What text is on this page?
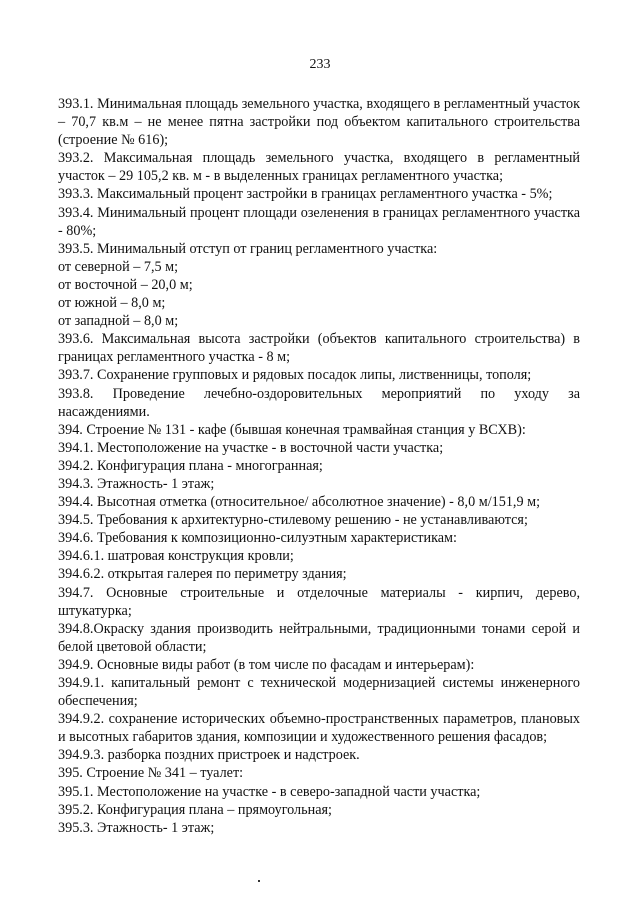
233

393.1. Минимальная площадь земельного участка, входящего в регламентный участок – 70,7 кв.м – не менее пятна застройки под объектом капитального строительства (строение № 616);

393.2. Максимальная площадь земельного участка, входящего в регламентный участок – 29 105,2 кв. м - в выделенных границах регламентного участка;

393.3. Максимальный процент застройки в границах регламентного участка - 5%;

393.4. Минимальный процент площади озеленения в границах регламентного участка - 80%;

393.5. Минимальный отступ от границ регламентного участка:

от северной – 7,5 м;

от восточной – 20,0 м;

от южной – 8,0 м;

от западной – 8,0 м;

393.6. Максимальная высота застройки (объектов капитального строительства) в границах регламентного участка - 8 м;

393.7. Сохранение групповых и рядовых посадок липы, лиственницы, тополя;

393.8. Проведение лечебно-оздоровительных мероприятий по уходу за насаждениями.

394. Строение № 131 - кафе (бывшая конечная трамвайная станция у ВСХВ):

394.1. Местоположение на участке - в восточной части участка;

394.2. Конфигурация плана - многогранная;

394.3. Этажность- 1 этаж;

394.4. Высотная отметка (относительное/ абсолютное значение) - 8,0 м/151,9 м;

394.5. Требования к архитектурно-стилевому решению - не устанавливаются;

394.6. Требования к композиционно-силуэтным характеристикам:

394.6.1. шатровая конструкция кровли;

394.6.2. открытая галерея по периметру здания;

394.7. Основные строительные и отделочные материалы - кирпич, дерево, штукатурка;

394.8.Окраску здания производить нейтральными, традиционными тонами серой и белой цветовой области;

394.9. Основные виды работ (в том числе по фасадам и интерьерам):

394.9.1. капитальный ремонт с технической модернизацией системы инженерного обеспечения;

394.9.2. сохранение исторических объемно-пространственных параметров, плановых и высотных габаритов здания, композиции и художественного решения фасадов;

394.9.3. разборка поздних пристроек и надстроек.

395. Строение № 341 – туалет:

395.1. Местоположение на участке - в северо-западной части участка;

395.2. Конфигурация плана – прямоугольная;

395.3. Этажность- 1 этаж;
